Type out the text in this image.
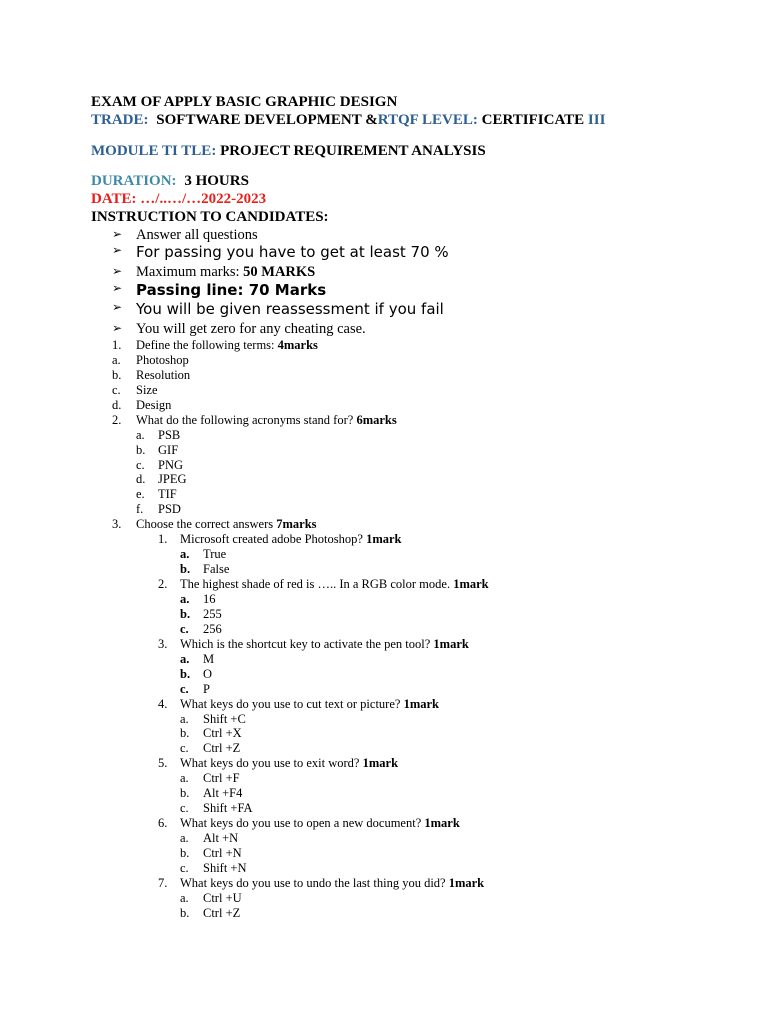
EXAM OF APPLY BASIC GRAPHIC DESIGN
TRADE: SOFTWARE DEVELOPMENT &RTQF LEVEL: CERTIFICATE III
MODULE TI TLE: PROJECT REQUIREMENT ANALYSIS
DURATION: 3 HOURS
DATE: …/..…/…2022-2023
INSTRUCTION TO CANDIDATES:
➢ Answer all questions
➢ For passing you have to get at least 70 %
➢ Maximum marks: 50 MARKS
➢ Passing line: 70 Marks
➢ You will be given reassessment if you fail
➢ You will get zero for any cheating case.
1. Define the following terms: 4marks
a. Photoshop
b. Resolution
c. Size
d. Design
2. What do the following acronyms stand for? 6marks
a. PSB
b. GIF
c. PNG
d. JPEG
e. TIF
f. PSD
3. Choose the correct answers 7marks
1. Microsoft created adobe Photoshop? 1mark
a. True
b. False
2. The highest shade of red is ….. In a RGB color mode. 1mark
a. 16
b. 255
c. 256
3. Which is the shortcut key to activate the pen tool? 1mark
a. M
b. O
c. P
4. What keys do you use to cut text or picture? 1mark
a. Shift +C
b. Ctrl +X
c. Ctrl +Z
5. What keys do you use to exit word? 1mark
a. Ctrl +F
b. Alt +F4
c. Shift +FA
6. What keys do you use to open a new document? 1mark
a. Alt +N
b. Ctrl +N
c. Shift +N
7. What keys do you use to undo the last thing you did? 1mark
a. Ctrl +U
b. Ctrl +Z
